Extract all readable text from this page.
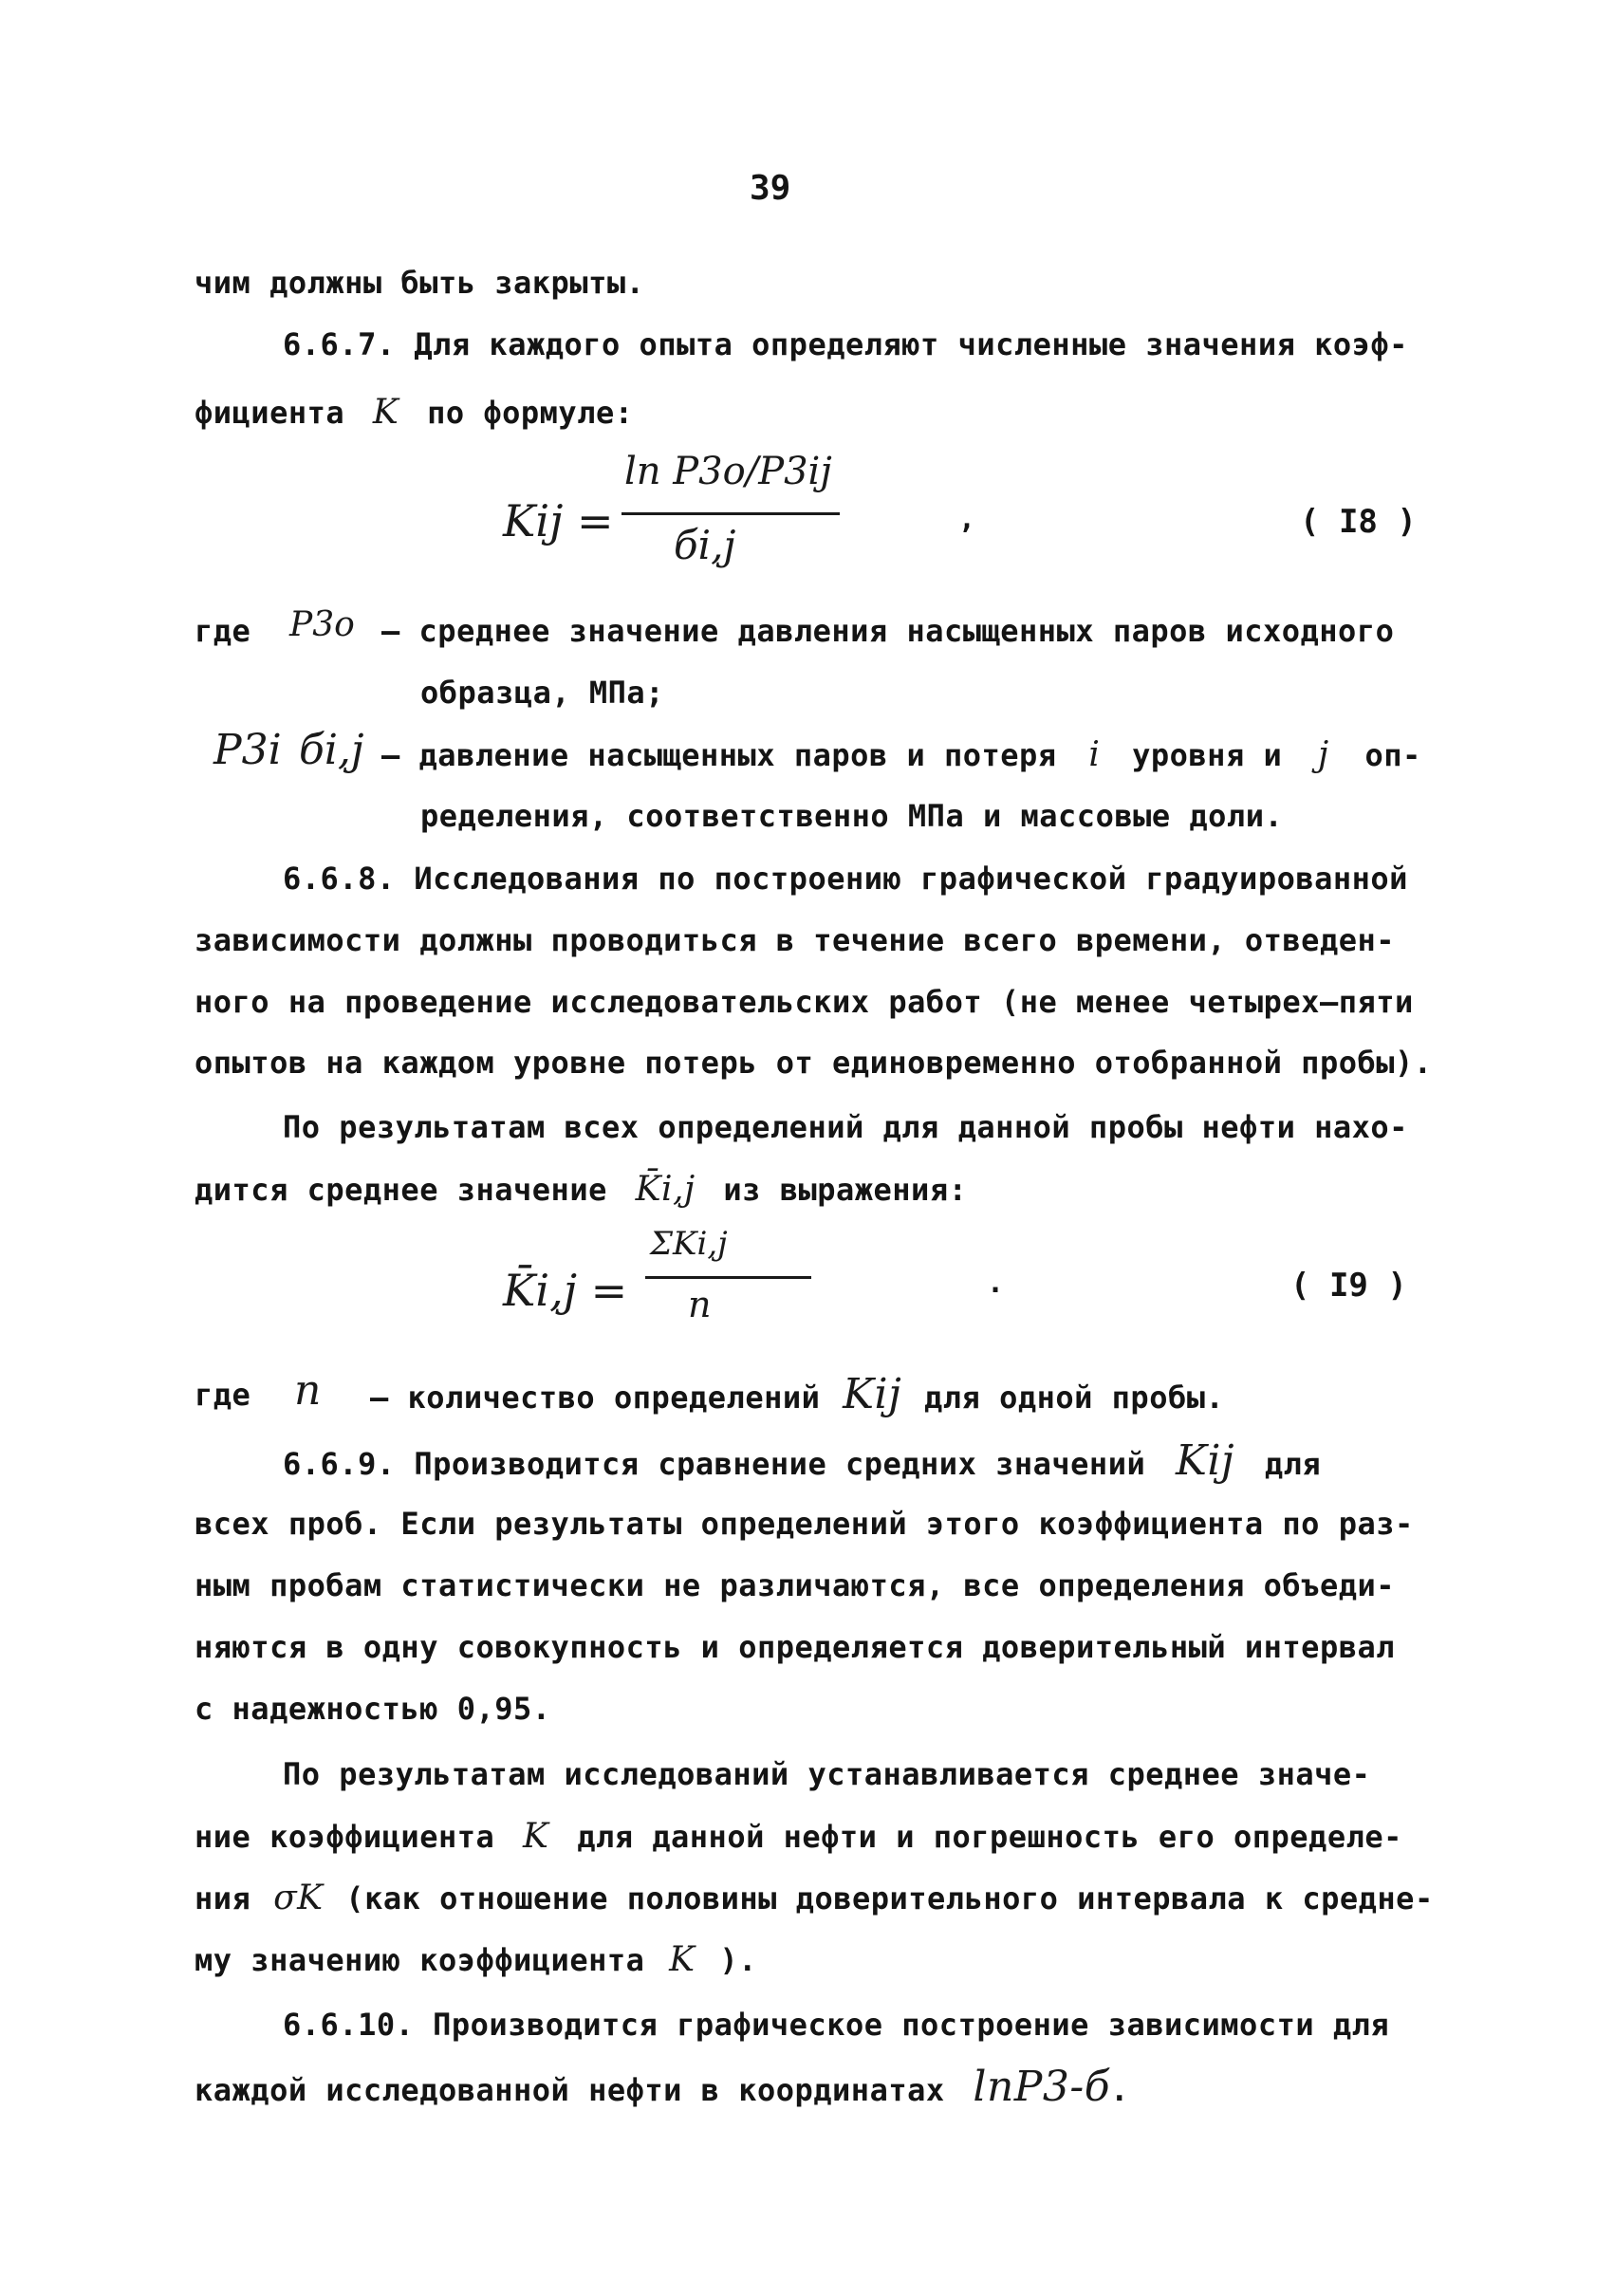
39
чим должны быть закрыты.
6.6.7. Для каждого опыта определяют численные значения коэф-
фициента K по формуле:
Kij =
ln P3o/P3ij
бi,j
,	( I8 )
где P3o – среднее значение давления насыщенных паров исходного
образца, МПа;
P3i бi,j – давление насыщенных паров и потеря i уровня и j оп-
ределения, соответственно МПа и массовые доли.
6.6.8. Исследования по построению графической градуированной
зависимости должны проводиться в течение всего времени, отведен-
ного на проведение исследовательских работ (не менее четырех–пяти
опытов на каждом уровне потерь от единовременно отобранной пробы).
По результатам всех определений для данной пробы нефти нахо-
дится среднее значение K̄i,j из выражения:
K̄i,j =
ΣKi,j
n
.	( I9 )
где n – количество определений Kij для одной пробы.
6.6.9. Производится сравнение средних значений Kij для
всех проб. Если результаты определений этого коэффициента по раз-
ным пробам статистически не различаются, все определения объеди-
няются в одну совокупность и определяется доверительный интервал
с надежностью 0,95.
По результатам исследований устанавливается среднее значе-
ние коэффициента K для данной нефти и погрешность его определе-
ния σK (как отношение половины доверительного интервала к средне-
му значению коэффициента K ).
6.6.10. Производится графическое построение зависимости для
каждой исследованной нефти в координатах lnP3-б.
